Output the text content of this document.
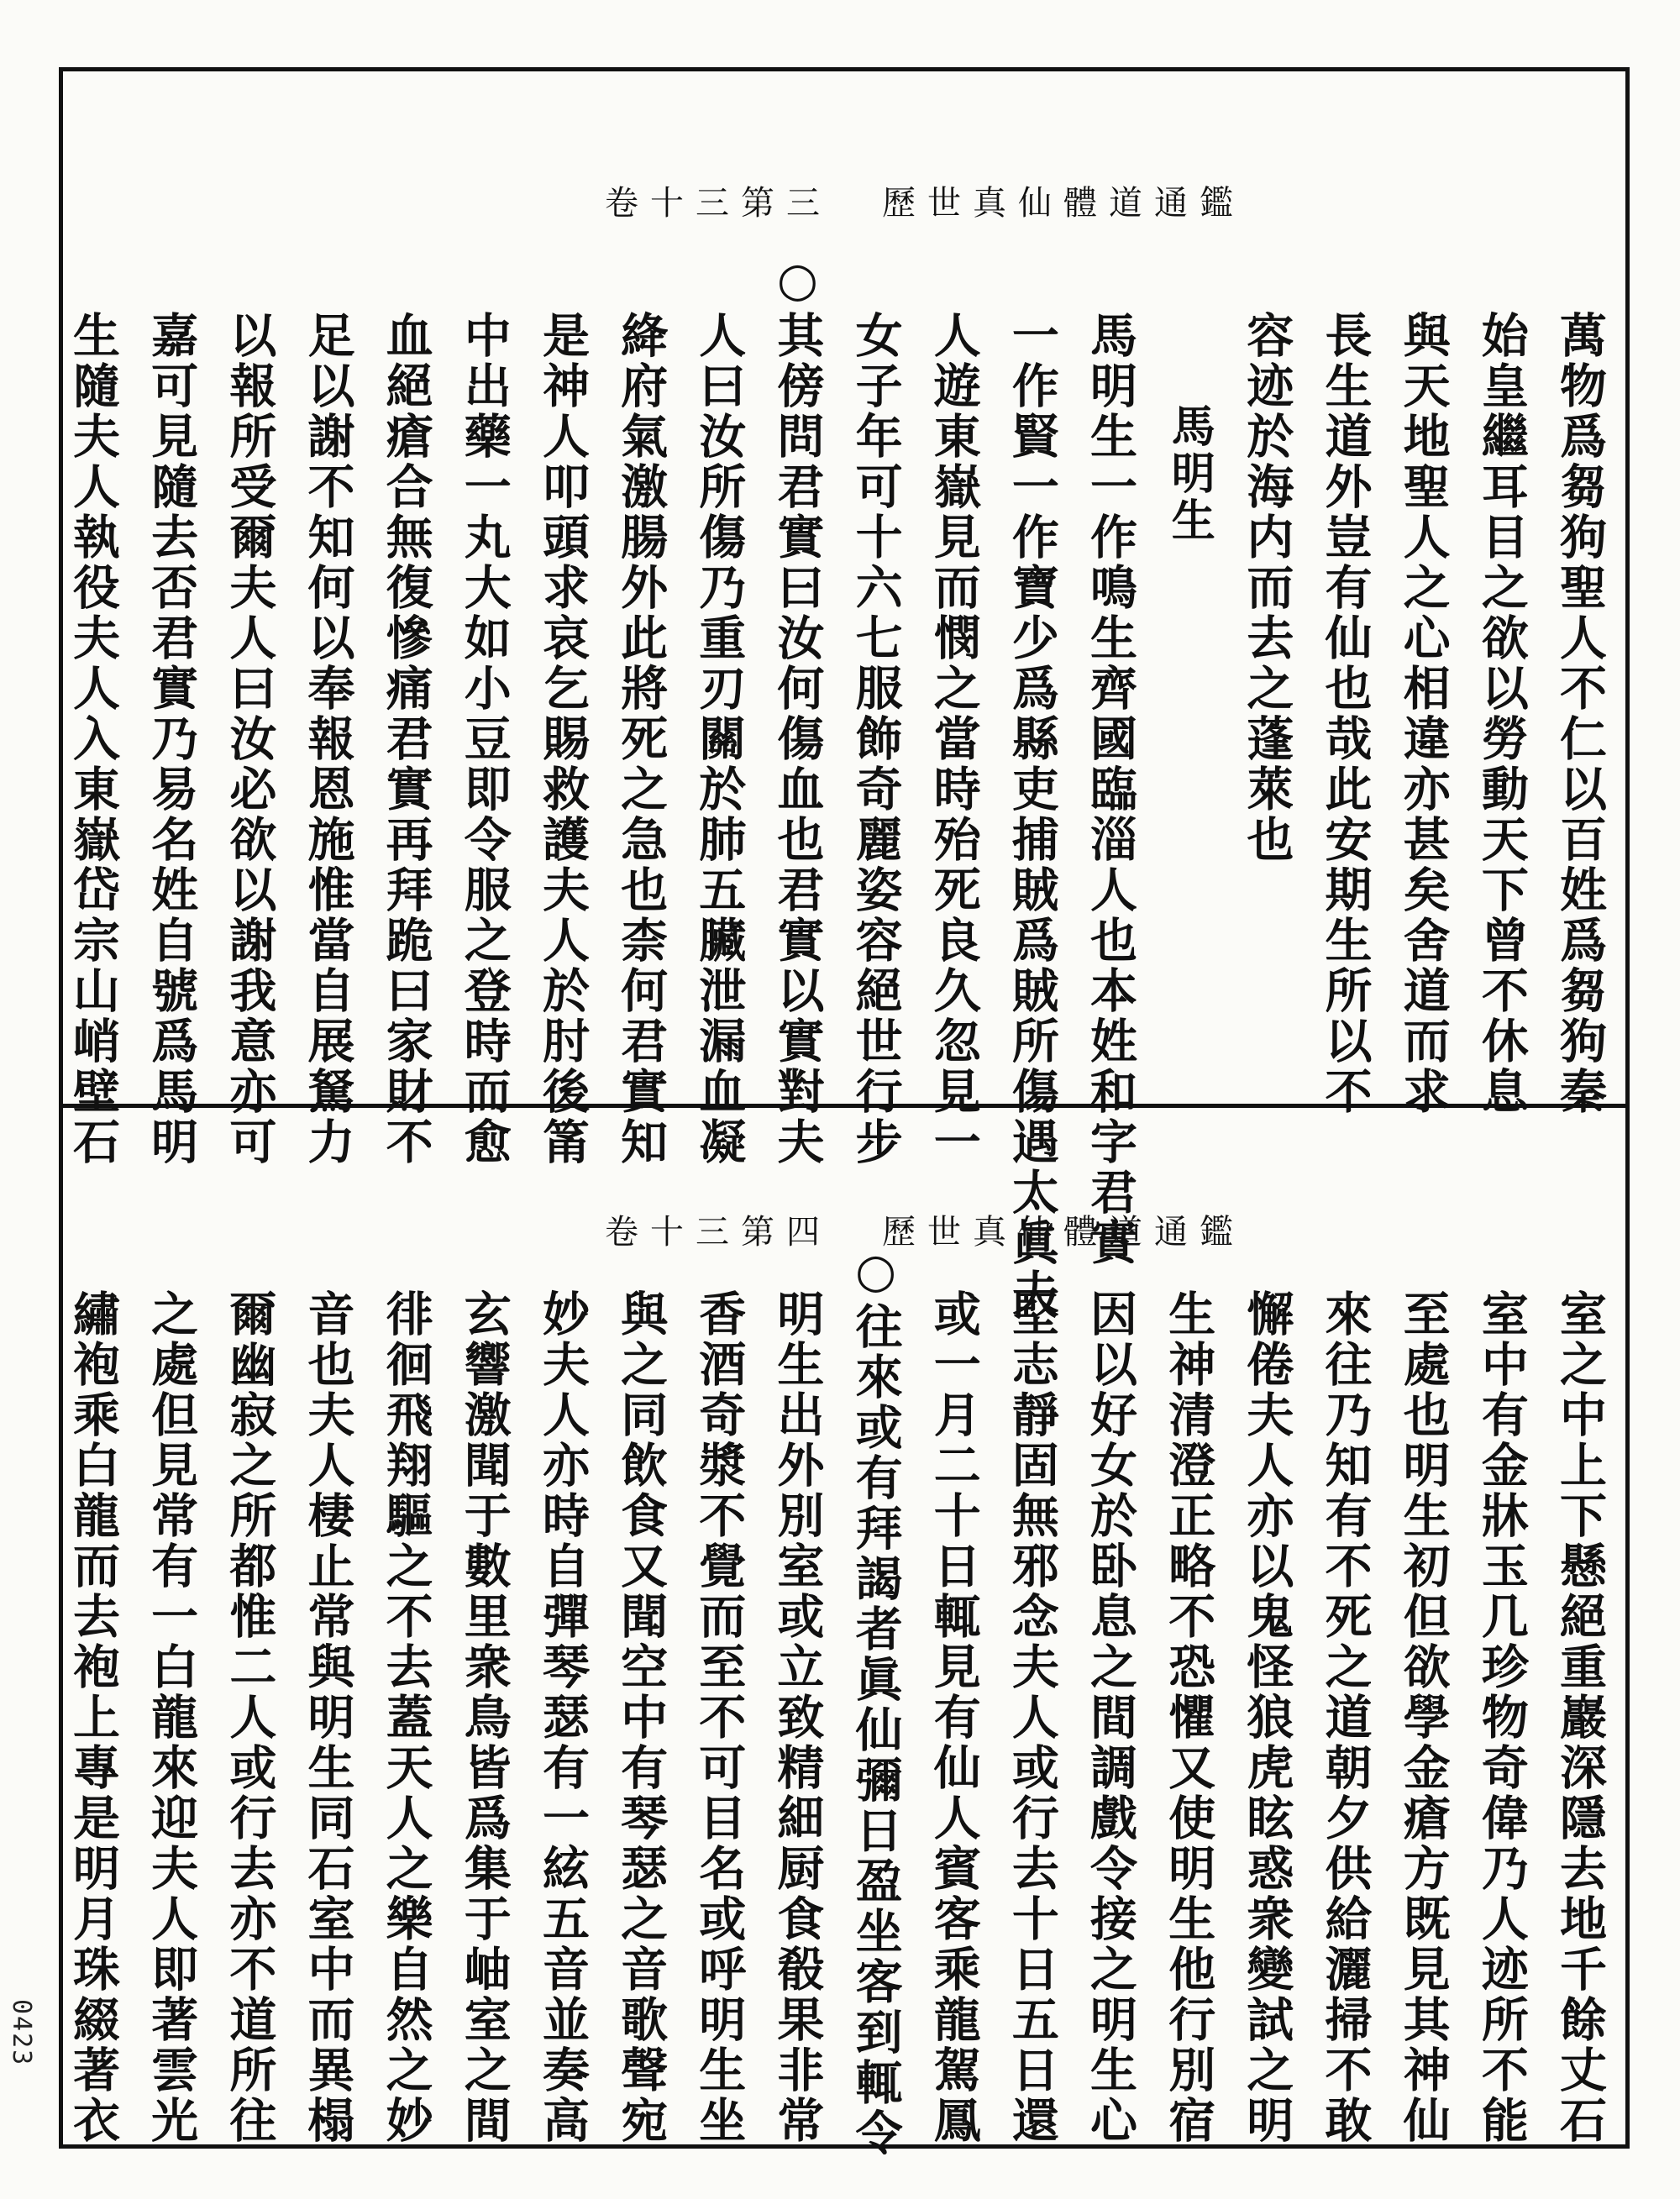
卷十三第三 歷世真仙體道通鑑
萬物爲芻狗聖人不仁以百姓爲芻狗秦
始皇繼耳目之欲以勞動天下曾不休息
與天地聖人之心相違亦甚矣舍道而求
長生道外豈有仙也哉此安期生所以不
容迹於海内而去之蓬萊也
馬明生
馬明生一作鳴生齊國臨淄人也本姓和字君實
一作賢一作寶少爲縣吏捕賊爲賊所傷遇太眞夫
人遊東嶽見而憫之當時殆死良久忽見一
女子年可十六七服飾奇麗姿容絕世行步
○其傍問君實曰汝何傷血也君實以實對夫
人曰汝所傷乃重刃關於肺五臟泄漏血凝
絳府氣激腸外此將死之急也柰何君實知
是神人叩頭求哀乞賜救護夫人於肘後筩
中出藥一丸大如小豆即令服之登時而愈
血絕瘡合無復慘痛君實再拜跪曰家財不
足以謝不知何以奉報恩施惟當自展駑力
以報所受爾夫人曰汝必欲以謝我意亦可
嘉可見隨去否君實乃易名姓自號爲馬明
生隨夫人執役夫人入東嶽岱宗山峭壁石
卷十三第四 歷世真仙體道通鑑
室之中上下懸絕重巖深隱去地千餘丈石
室中有金牀玉几珍物奇偉乃人迹所不能
至處也明生初但欲學金瘡方既見其神仙
來往乃知有不死之道朝夕供給灑掃不敢
懈倦夫人亦以鬼怪狼虎眩惑衆變試之明
生神清澄正略不恐懼又使明生他行別宿
因以好女於卧息之間調戲令接之明生心
堅志靜固無邪念夫人或行去十日五日還
或一月二十日輒見有仙人賓客乘龍駕鳳
○往來或有拜謁者眞仙彌日盈坐客到輒令
明生出外別室或立致精細厨食殽果非常
香酒奇漿不覺而至不可目名或呼明生坐
與之同飲食又聞空中有琴瑟之音歌聲宛
妙夫人亦時自彈琴瑟有一絃五音並奏高
玄響激聞于數里衆鳥皆爲集于岫室之間
徘徊飛翔驅之不去蓋天人之樂自然之妙
音也夫人棲止常與明生同石室中而異榻
爾幽寂之所都惟二人或行去亦不道所往
之處但見常有一白龍來迎夫人即著雲光
繡袍乘白龍而去袍上專是明月珠綴著衣
0423
